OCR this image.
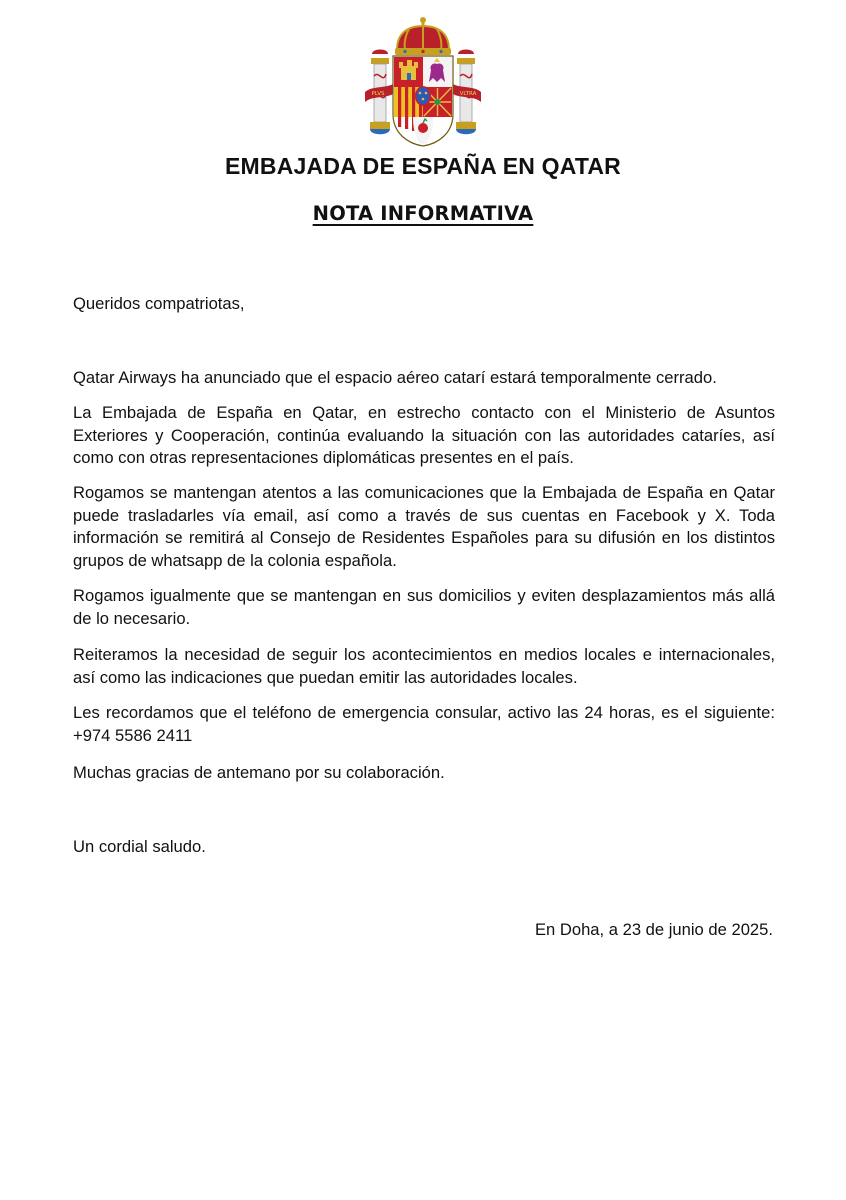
PLVS	VLTRA
EMBAJADA DE ESPAÑA EN QATAR
NOTA INFORMATIVA

Queridos compatriotas,

Qatar Airways ha anunciado que el espacio aéreo catarí estará temporalmente cerrado.

La Embajada de España en Qatar, en estrecho contacto con el Ministerio de Asuntos Exteriores y Cooperación, continúa evaluando la situación con las autoridades cataríes, así como con otras representaciones diplomáticas presentes en el país.

Rogamos se mantengan atentos a las comunicaciones que la Embajada de España en Qatar puede trasladarles vía email, así como a través de sus cuentas en Facebook y X. Toda información se remitirá al Consejo de Residentes Españoles para su difusión en los distintos grupos de whatsapp de la colonia española.

Rogamos igualmente que se mantengan en sus domicilios y eviten desplazamientos más allá de lo necesario.

Reiteramos la necesidad de seguir los acontecimientos en medios locales e internacionales, así como las indicaciones que puedan emitir las autoridades locales.

Les recordamos que el teléfono de emergencia consular, activo las 24 horas, es el siguiente: +974 5586 2411

Muchas gracias de antemano por su colaboración.

Un cordial saludo.

En Doha, a 23 de junio de 2025.
